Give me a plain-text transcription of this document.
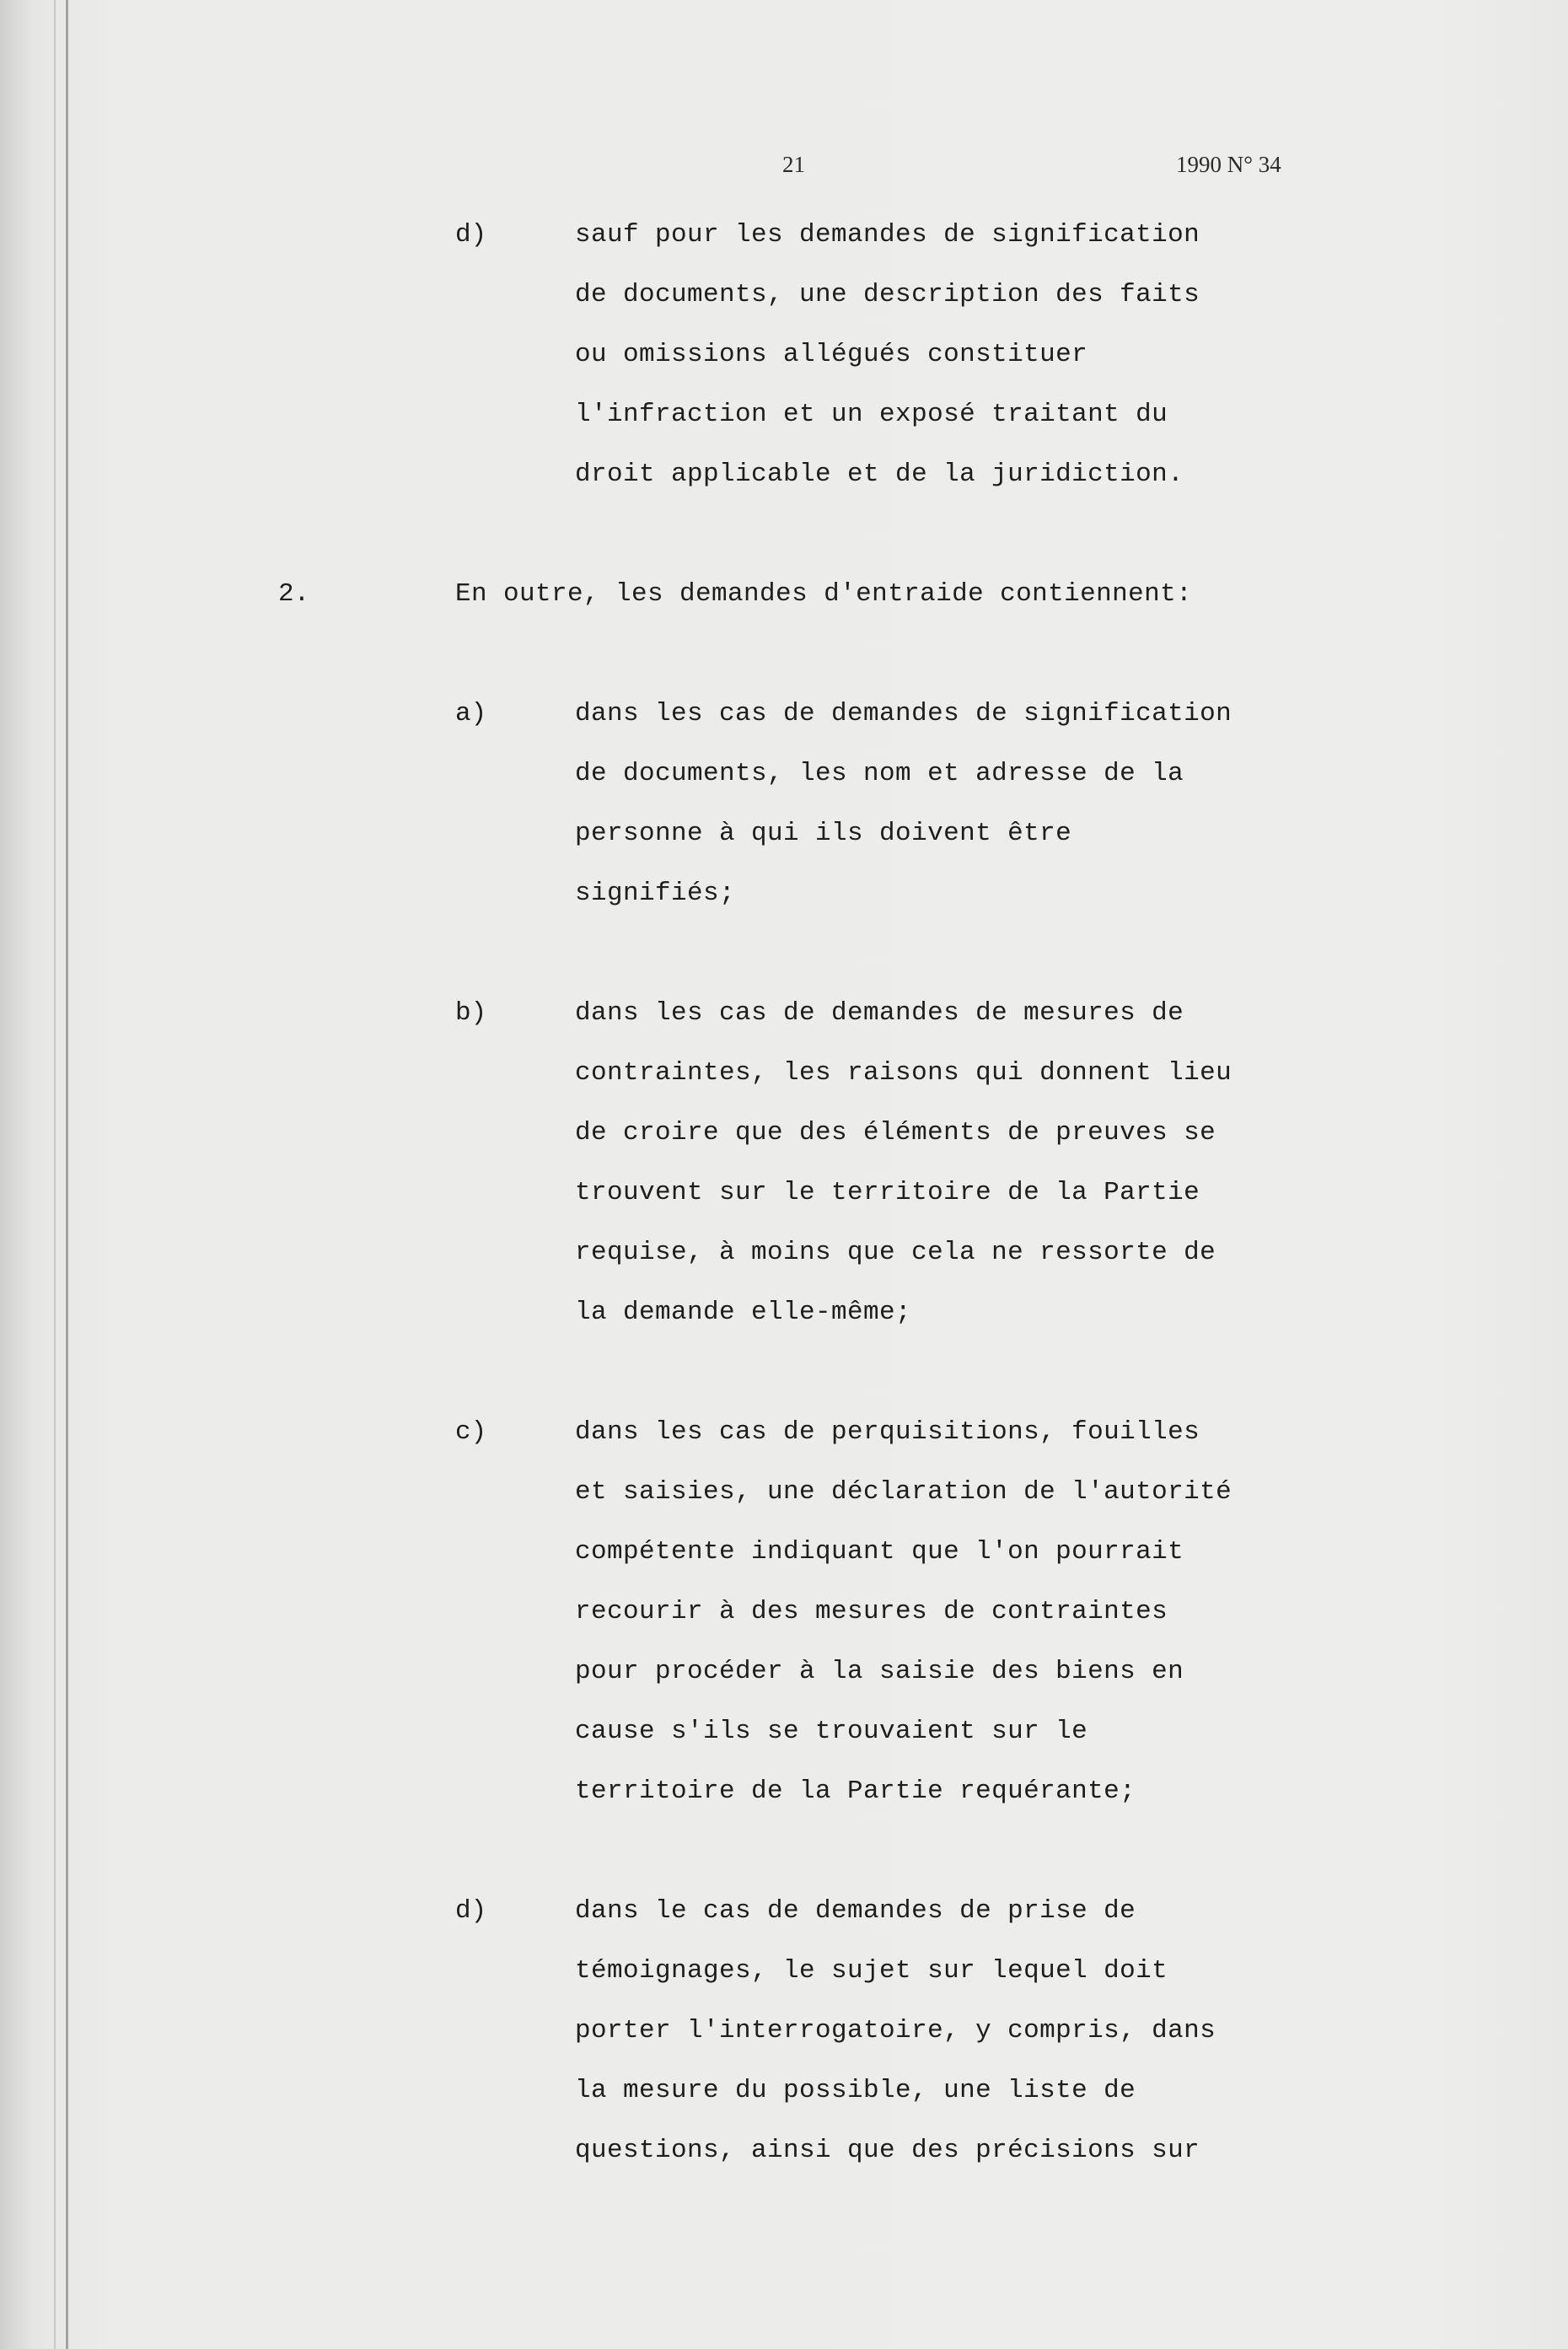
21	1990 N° 34
d)	sauf pour les demandes de signification
de documents, une description des faits
ou omissions allégués constituer
l'infraction et un exposé traitant du
droit applicable et de la juridiction.
2.	En outre, les demandes d'entraide contiennent:
a)	dans les cas de demandes de signification
de documents, les nom et adresse de la
personne à qui ils doivent être
signifiés;
b)	dans les cas de demandes de mesures de
contraintes, les raisons qui donnent lieu
de croire que des éléments de preuves se
trouvent sur le territoire de la Partie
requise, à moins que cela ne ressorte de
la demande elle-même;
c)	dans les cas de perquisitions, fouilles
et saisies, une déclaration de l'autorité
compétente indiquant que l'on pourrait
recourir à des mesures de contraintes
pour procéder à la saisie des biens en
cause s'ils se trouvaient sur le
territoire de la Partie requérante;
d)	dans le cas de demandes de prise de
témoignages, le sujet sur lequel doit
porter l'interrogatoire, y compris, dans
la mesure du possible, une liste de
questions, ainsi que des précisions sur
